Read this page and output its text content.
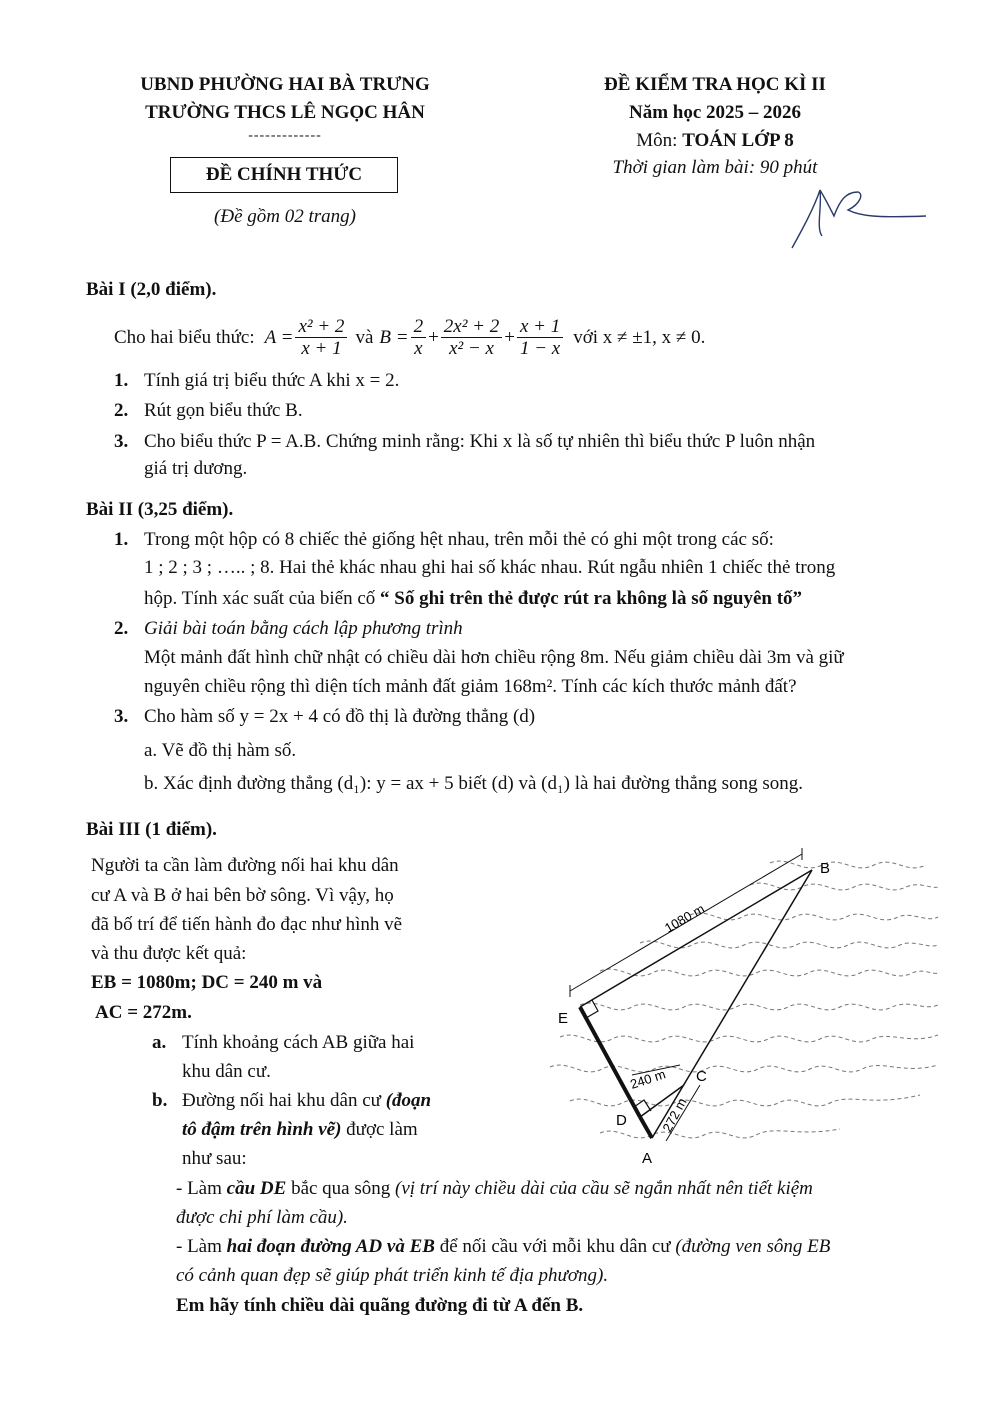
UBND PHƯỜNG HAI BÀ TRƯNG
TRƯỜNG THCS LÊ NGỌC HÂN
-------------
ĐỀ CHÍNH THỨC
(Đề gồm 02 trang)
ĐỀ KIỂM TRA HỌC KÌ II
Năm học 2025 – 2026
Môn: TOÁN LỚP 8
Thời gian làm bài: 90 phút
Bài I (2,0 điểm).
Cho hai biểu thức: $A = \frac{\text{x² + 2}}{x + 1}$ và $B = \frac{2}{x} + \frac{\text{2x² + 2}}{\text{x² − x}} + \frac{x + 1}{1 - x}$ với x ≠ ±1, x ≠ 0.
1. Tính giá trị biểu thức A khi x = 2.
2. Rút gọn biểu thức B.
3. Cho biểu thức P = A.B. Chứng minh rằng: Khi x là số tự nhiên thì biểu thức P luôn nhận
giá trị dương.
Bài II (3,25 điểm).
1. Trong một hộp có 8 chiếc thẻ giống hệt nhau, trên mỗi thẻ có ghi một trong các số:
1 ; 2 ; 3 ; ….. ; 8. Hai thẻ khác nhau ghi hai số khác nhau. Rút ngẫu nhiên 1 chiếc thẻ trong
hộp. Tính xác suất của biến cố “ Số ghi trên thẻ được rút ra không là số nguyên tố”
2. Giải bài toán bằng cách lập phương trình
Một mảnh đất hình chữ nhật có chiều dài hơn chiều rộng 8m. Nếu giảm chiều dài 3m và giữ
nguyên chiều rộng thì diện tích mảnh đất giảm 168m². Tính các kích thước mảnh đất?
3. Cho hàm số y = 2x + 4 có đồ thị là đường thẳng (d)
a. Vẽ đồ thị hàm số.
b. Xác định đường thẳng (d₁): y = ax + 5 biết (d) và (d₁) là hai đường thẳng song song.
Bài III (1 điểm).
Người ta cần làm đường nối hai khu dân
cư A và B ở hai bên bờ sông. Vì vậy, họ
đã bố trí để tiến hành đo đạc như hình vẽ
và thu được kết quả:
EB = 1080m; DC = 240 m và
AC = 272m.
a. Tính khoảng cách AB giữa hai
khu dân cư.
b. Đường nối hai khu dân cư (đoạn
tô đậm trên hình vẽ) được làm
như sau:
- Làm cầu DE bắc qua sông (vị trí này chiều dài của cầu sẽ ngắn nhất nên tiết kiệm
được chi phí làm cầu).
- Làm hai đoạn đường AD và EB để nối cầu với mỗi khu dân cư (đường ven sông EB
có cảnh quan đẹp sẽ giúp phát triển kinh tế địa phương).
Em hãy tính chiều dài quãng đường đi từ A đến B.
B
E
C
D
A
1080 m
240 m
272 m
